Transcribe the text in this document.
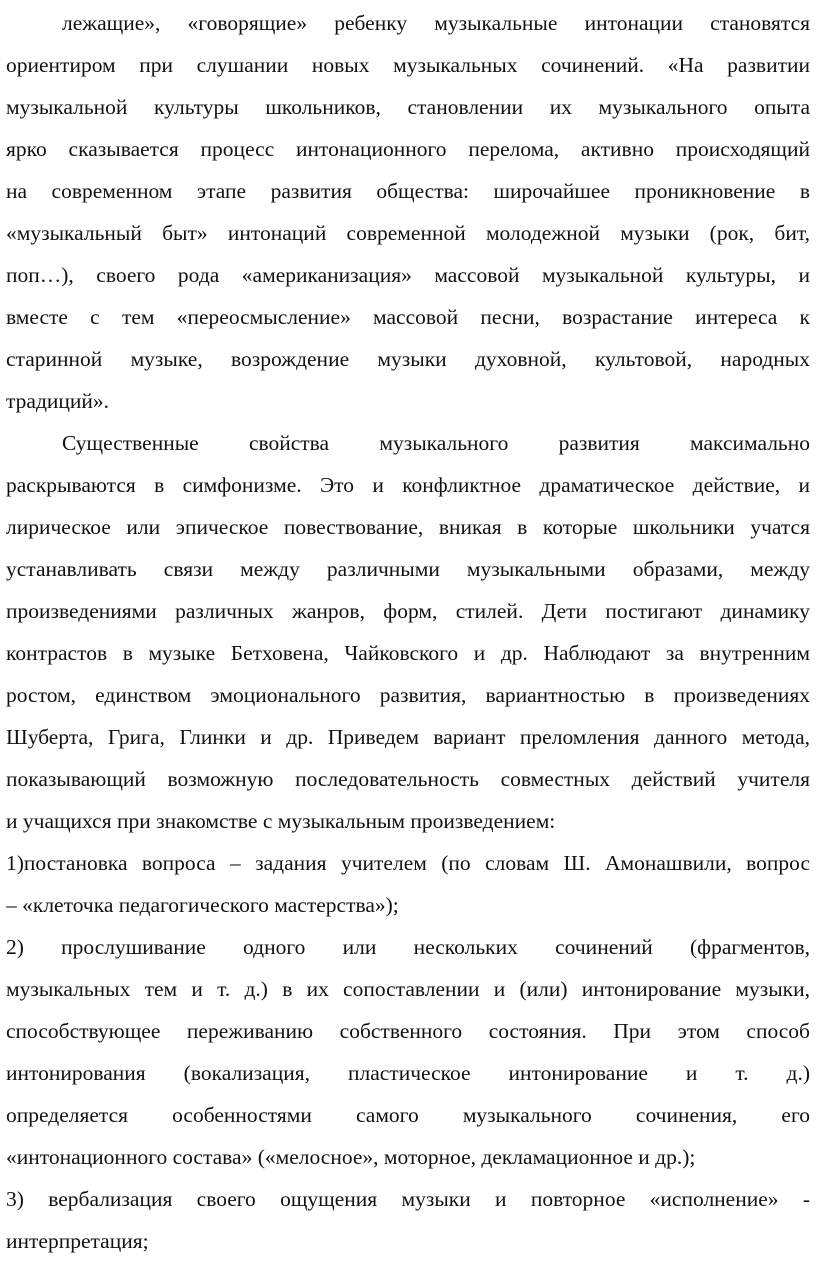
лежащие», «говорящие» ребенку музыкальные интонации становятся
ориентиром при слушании новых музыкальных сочинений. «На развитии
музыкальной культуры школьников, становлении их музыкального опыта
ярко сказывается процесс интонационного перелома, активно происходящий
на современном этапе развития общества: широчайшее проникновение в
«музыкальный быт» интонаций современной молодежной музыки (рок, бит,
поп…), своего рода «американизация» массовой музыкальной культуры, и
вместе с тем «переосмысление» массовой песни, возрастание интереса к
старинной музыке, возрождение музыки духовной, культовой, народных
традиций».
Существенные свойства музыкального развития максимально
раскрываются в симфонизме. Это и конфликтное драматическое действие, и
лирическое или эпическое повествование, вникая в которые школьники учатся
устанавливать связи между различными музыкальными образами, между
произведениями различных жанров, форм, стилей. Дети постигают динамику
контрастов в музыке Бетховена, Чайковского и др. Наблюдают за внутренним
ростом, единством эмоционального развития, вариантностью в произведениях
Шуберта, Грига, Глинки и др. Приведем вариант преломления данного метода,
показывающий возможную последовательность совместных действий учителя
и учащихся при знакомстве с музыкальным произведением:
1)постановка вопроса – задания учителем (по словам Ш. Амонашвили, вопрос
– «клеточка педагогического мастерства»);
2) прослушивание одного или нескольких сочинений (фрагментов,
музыкальных тем и т. д.) в их сопоставлении и (или) интонирование музыки,
способствующее переживанию собственного состояния. При этом способ
интонирования (вокализация, пластическое интонирование и т. д.)
определяется особенностями самого музыкального сочинения, его
«интонационного состава» («мелосное», моторное, декламационное и др.);
3) вербализация своего ощущения музыки и повторное «исполнение» -
интерпретация;
